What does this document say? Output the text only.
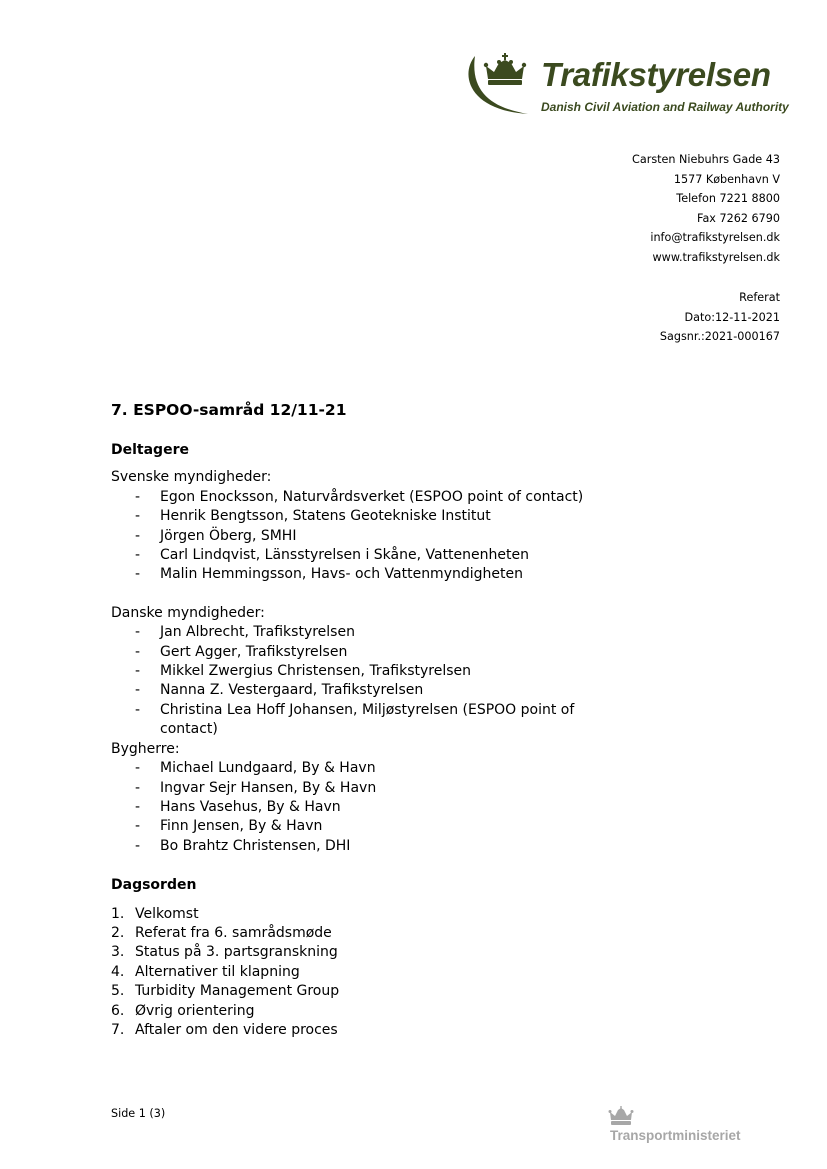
Trafikstyrelsen
Danish Civil Aviation and Railway Authority
Carsten Niebuhrs Gade 43
1577 København V
Telefon 7221 8800
Fax 7262 6790
info@trafikstyrelsen.dk
www.trafikstyrelsen.dk
Referat
Dato:12-11-2021
Sagsnr.:2021-000167
7. ESPOO-samråd 12/11-21
Deltagere
Svenske myndigheder:
- Egon Enocksson, Naturvårdsverket (ESPOO point of contact)
- Henrik Bengtsson, Statens Geotekniske Institut
- Jörgen Öberg, SMHI
- Carl Lindqvist, Länsstyrelsen i Skåne, Vattenenheten
- Malin Hemmingsson, Havs- och Vattenmyndigheten
Danske myndigheder:
- Jan Albrecht, Trafikstyrelsen
- Gert Agger, Trafikstyrelsen
- Mikkel Zwergius Christensen, Trafikstyrelsen
- Nanna Z. Vestergaard, Trafikstyrelsen
- Christina Lea Hoff Johansen, Miljøstyrelsen (ESPOO point of contact)
Bygherre:
- Michael Lundgaard, By & Havn
- Ingvar Sejr Hansen, By & Havn
- Hans Vasehus, By & Havn
- Finn Jensen, By & Havn
- Bo Brahtz Christensen, DHI
Dagsorden
1. Velkomst
2. Referat fra 6. samrådsmøde
3. Status på 3. partsgranskning
4. Alternativer til klapning
5. Turbidity Management Group
6. Øvrig orientering
7. Aftaler om den videre proces
Side 1 (3)
Transportministeriet
